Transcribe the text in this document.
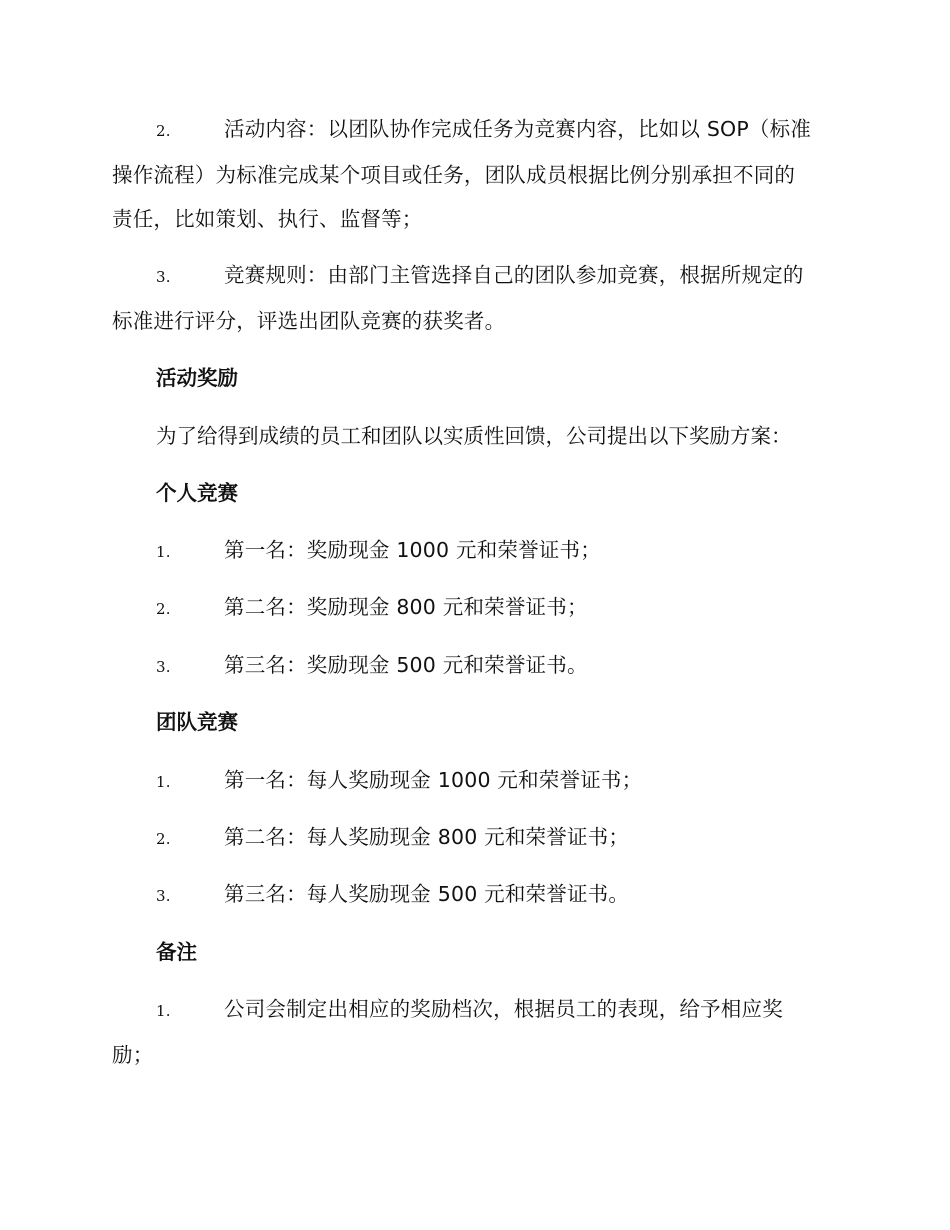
2.	活动内容：以团队协作完成任务为竞赛内容，比如以 SOP（标准
操作流程）为标准完成某个项目或任务，团队成员根据比例分别承担不同的
责任，比如策划、执行、监督等；
3.	竞赛规则：由部门主管选择自己的团队参加竞赛，根据所规定的
标准进行评分，评选出团队竞赛的获奖者。
活动奖励
为了给得到成绩的员工和团队以实质性回馈，公司提出以下奖励方案：
个人竞赛
1.	第一名：奖励现金 1000 元和荣誉证书；
2.	第二名：奖励现金 800 元和荣誉证书；
3.	第三名：奖励现金 500 元和荣誉证书。
团队竞赛
1.	第一名：每人奖励现金 1000 元和荣誉证书；
2.	第二名：每人奖励现金 800 元和荣誉证书；
3.	第三名：每人奖励现金 500 元和荣誉证书。
备注
1.	公司会制定出相应的奖励档次，根据员工的表现，给予相应奖
励；
